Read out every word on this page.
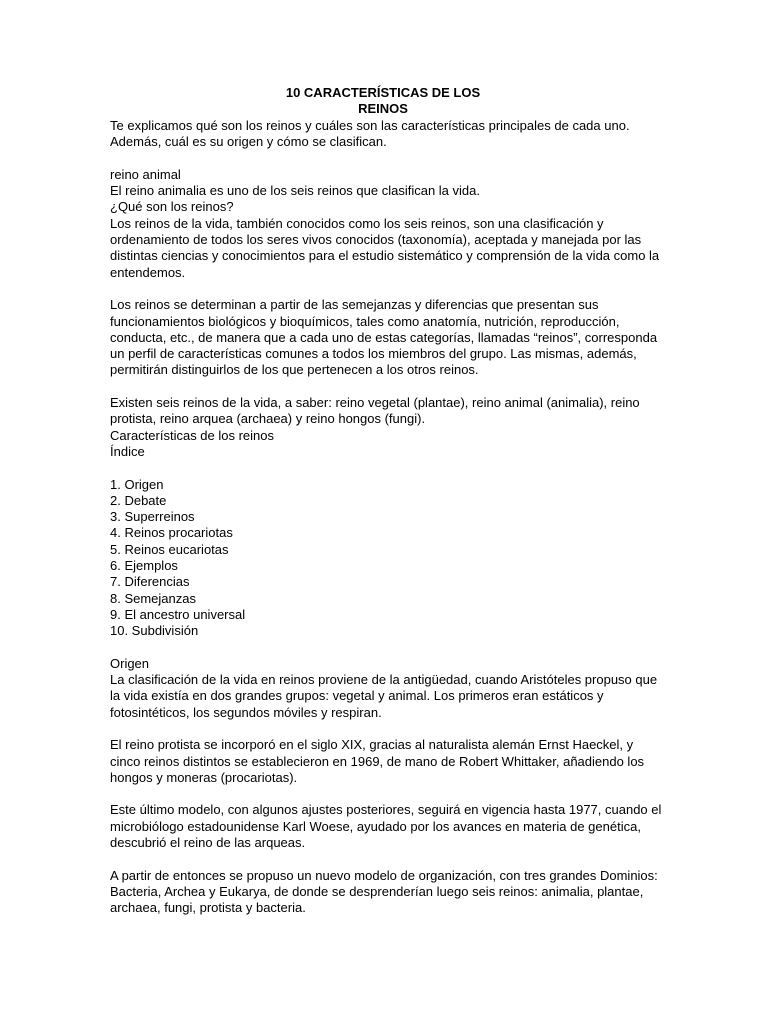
10 CARACTERÍSTICAS DE LOS
REINOS

Te explicamos qué son los reinos y cuáles son las características principales de cada uno. Además, cuál es su origen y cómo se clasifican.

reino animal

El reino animalia es uno de los seis reinos que clasifican la vida.

¿Qué son los reinos?

Los reinos de la vida, también conocidos como los seis reinos, son una clasificación y ordenamiento de todos los seres vivos conocidos (taxonomía), aceptada y manejada por las distintas ciencias y conocimientos para el estudio sistemático y comprensión de la vida como la entendemos.

Los reinos se determinan a partir de las semejanzas y diferencias que presentan sus funcionamientos biológicos y bioquímicos, tales como anatomía, nutrición, reproducción, conducta, etc., de manera que a cada uno de estas categorías, llamadas “reinos”, corresponda un perfil de características comunes a todos los miembros del grupo. Las mismas, además, permitirán distinguirlos de los que pertenecen a los otros reinos.

Existen seis reinos de la vida, a saber: reino vegetal (plantae), reino animal (animalia), reino protista, reino arquea (archaea) y reino hongos (fungi).

Características de los reinos

Índice

1. Origen
2. Debate
3. Superreinos
4. Reinos procariotas
5. Reinos eucariotas
6. Ejemplos
7. Diferencias
8. Semejanzas
9. El ancestro universal
10. Subdivisión

Origen

La clasificación de la vida en reinos proviene de la antigüedad, cuando Aristóteles propuso que la vida existía en dos grandes grupos: vegetal y animal. Los primeros eran estáticos y fotosintéticos, los segundos móviles y respiran.

El reino protista se incorporó en el siglo XIX, gracias al naturalista alemán Ernst Haeckel, y cinco reinos distintos se establecieron en 1969, de mano de Robert Whittaker, añadiendo los hongos y moneras (procariotas).

Este último modelo, con algunos ajustes posteriores, seguirá en vigencia hasta 1977, cuando el microbiólogo estadounidense Karl Woese, ayudado por los avances en materia de genética, descubrió el reino de las arqueas.

A partir de entonces se propuso un nuevo modelo de organización, con tres grandes Dominios: Bacteria, Archea y Eukarya, de donde se desprenderían luego seis reinos: animalia, plantae, archaea, fungi, protista y bacteria.
